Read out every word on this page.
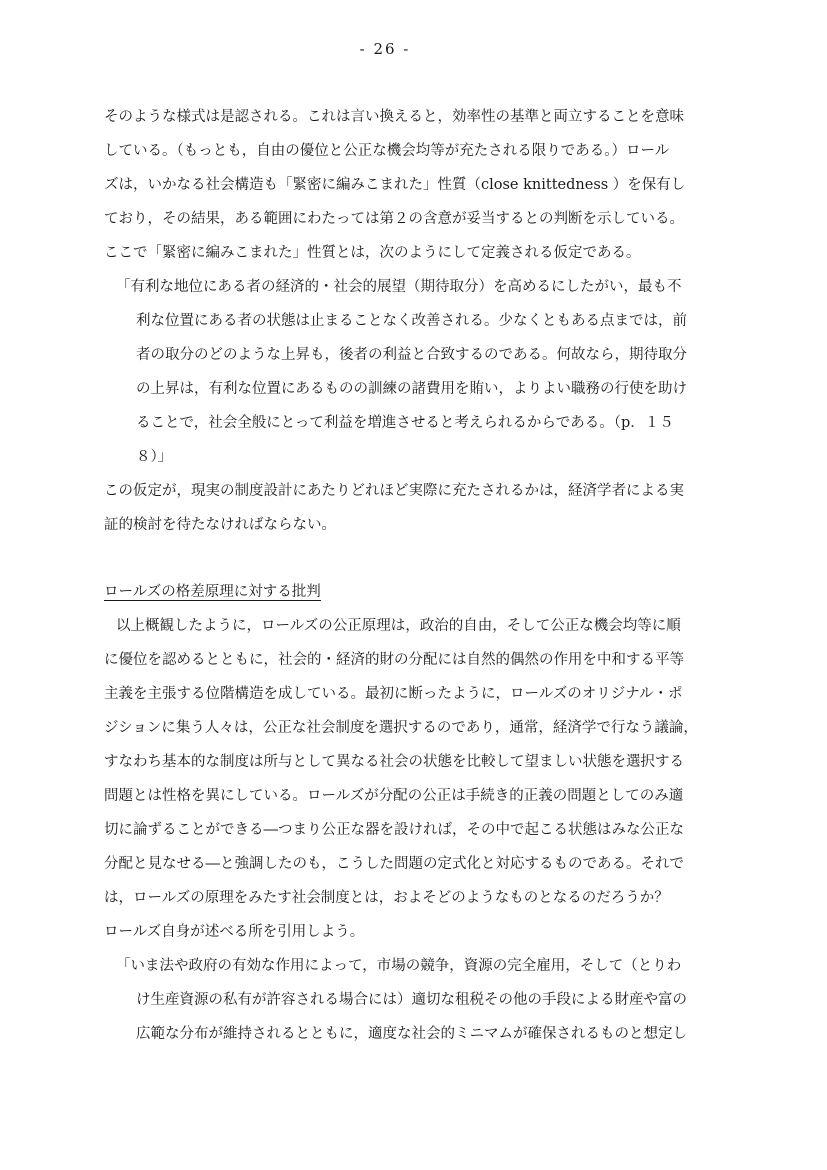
- 26 -
そのような様式は是認される。これは言い換えると，効率性の基準と両立することを意味
している。（もっとも，自由の優位と公正な機会均等が充たされる限りである。）ロール
ズは，いかなる社会構造も「緊密に編みこまれた」性質（close knittedness ）を保有し
ており，その結果，ある範囲にわたっては第２の含意が妥当するとの判断を示している。
ここで「緊密に編みこまれた」性質とは，次のようにして定義される仮定である。
「有利な地位にある者の経済的・社会的展望（期待取分）を高めるにしたがい，最も不
利な位置にある者の状態は止まることなく改善される。少なくともある点までは，前
者の取分のどのような上昇も，後者の利益と合致するのである。何故なら，期待取分
の上昇は，有利な位置にあるものの訓練の諸費用を賄い，よりよい職務の行使を助け
ることで，社会全般にとって利益を増進させると考えられるからである。（p．１５
８）」
この仮定が，現実の制度設計にあたりどれほど実際に充たされるかは，経済学者による実
証的検討を待たなければならない。
ロールズの格差原理に対する批判
以上概観したように，ロールズの公正原理は，政治的自由，そして公正な機会均等に順
に優位を認めるとともに，社会的・経済的財の分配には自然的偶然の作用を中和する平等
主義を主張する位階構造を成している。最初に断ったように，ロールズのオリジナル・ポ
ジションに集う人々は，公正な社会制度を選択するのであり，通常，経済学で行なう議論，
すなわち基本的な制度は所与として異なる社会の状態を比較して望ましい状態を選択する
問題とは性格を異にしている。ロールズが分配の公正は手続き的正義の問題としてのみ適
切に論ずることができる―つまり公正な器を設ければ，その中で起こる状態はみな公正な
分配と見なせる―と強調したのも，こうした問題の定式化と対応するものである。それで
は，ロールズの原理をみたす社会制度とは，およそどのようなものとなるのだろうか？
ロールズ自身が述べる所を引用しよう。
「いま法や政府の有効な作用によって，市場の競争，資源の完全雇用，そして（とりわ
け生産資源の私有が許容される場合には）適切な租税その他の手段による財産や富の
広範な分布が維持されるとともに，適度な社会的ミニマムが確保されるものと想定し
